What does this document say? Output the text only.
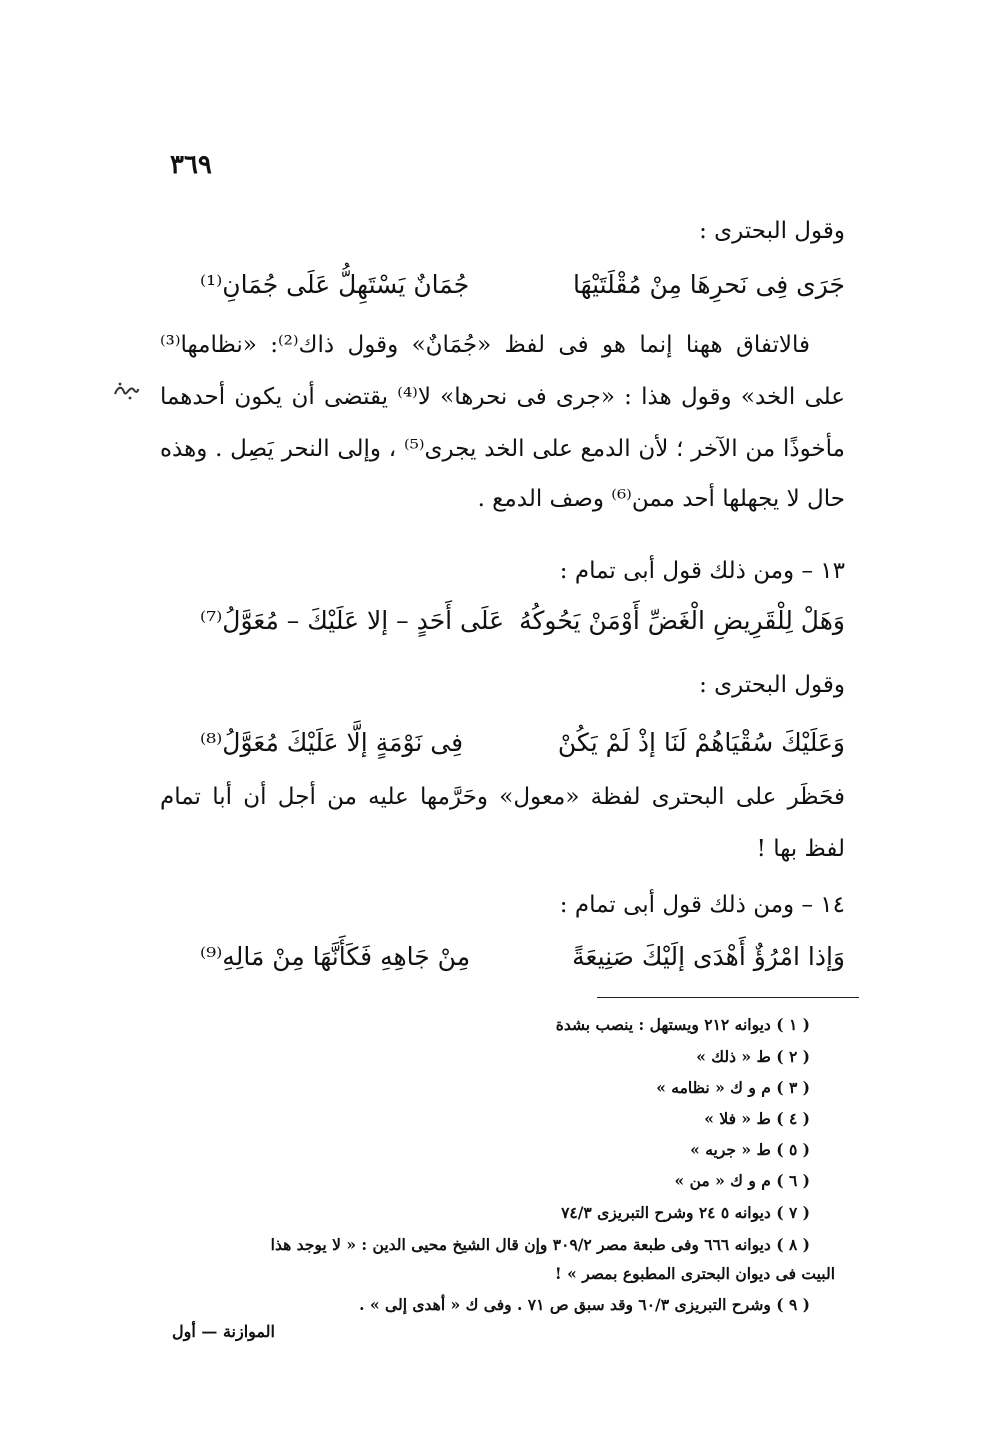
٣٦٩
وقول البحترى :
جَرَى فِى نَحرِهَا مِنْ مُقْلَتَيْهَا
جُمَانٌ يَسْتَهِلُّ عَلَى جُمَانِ⁽¹⁾
فالاتفاق ههنا إنما هو فى لفظ «جُمَانٌ» وقول ذاك⁽²⁾: «نظامها⁽³⁾
على الخد» وقول هذا : «جرى فى نحرها» لا⁽⁴⁾ يقتضى أن يكون أحدهما
مأخوذًا من الآخر ؛ لأن الدمع على الخد يجرى⁽⁵⁾ ، وإلى النحر يَصِل . وهذه
حال لا يجهلها أحد ممن⁽⁶⁾ وصف الدمع .
١٣ – ومن ذلك قول أبى تمام :
وَهَلْ لِلْقَرِيضِ الْغَضِّ أَوْمَنْ يَحُوكُهُ
عَلَى أَحَدٍ – إلا عَلَيْكَ – مُعَوَّلُ⁽⁷⁾
وقول البحترى :
وَعَلَيْكَ سُقْيَاهُمْ لَنَا إذْ لَمْ يَكُنْ
فِى نَوْمَةٍ إلَّا عَلَيْكَ مُعَوَّلُ⁽⁸⁾
فحَظَر على البحترى لفظة «معول» وحَرَّمها عليه من أجل أن أبا تمام
لفظ بها !
١٤ – ومن ذلك قول أبى تمام :
وَإذا امْرُؤٌ أَهْدَى إلَيْكَ صَنِيعَةً
مِنْ جَاهِهِ فَكَأَنَّهَا مِنْ مَالِهِ⁽⁹⁾
( ١ ) ديوانه ٢١٢ ويستهل : ينصب بشدة
( ٢ ) ط « ذلك »
( ٣ ) م و ك « نظامه »
( ٤ ) ط « فلا »
( ٥ ) ط « جريه »
( ٦ ) م و ك « من »
( ٧ ) ديوانه ٥ ٢٤ وشرح التبريزى ٧٤/٣
( ٨ ) ديوانه ٦٦٦ وفى طبعة مصر ٣٠٩/٢ وإن قال الشيخ محيى الدين : « لا يوجد هذا
البيت فى ديوان البحترى المطبوع بمصر » !
( ٩ ) وشرح التبريزى ٦٠/٣ وقد سبق ص ٧١ . وفى ك « أهدى إلى » .
الموازنة — أول
